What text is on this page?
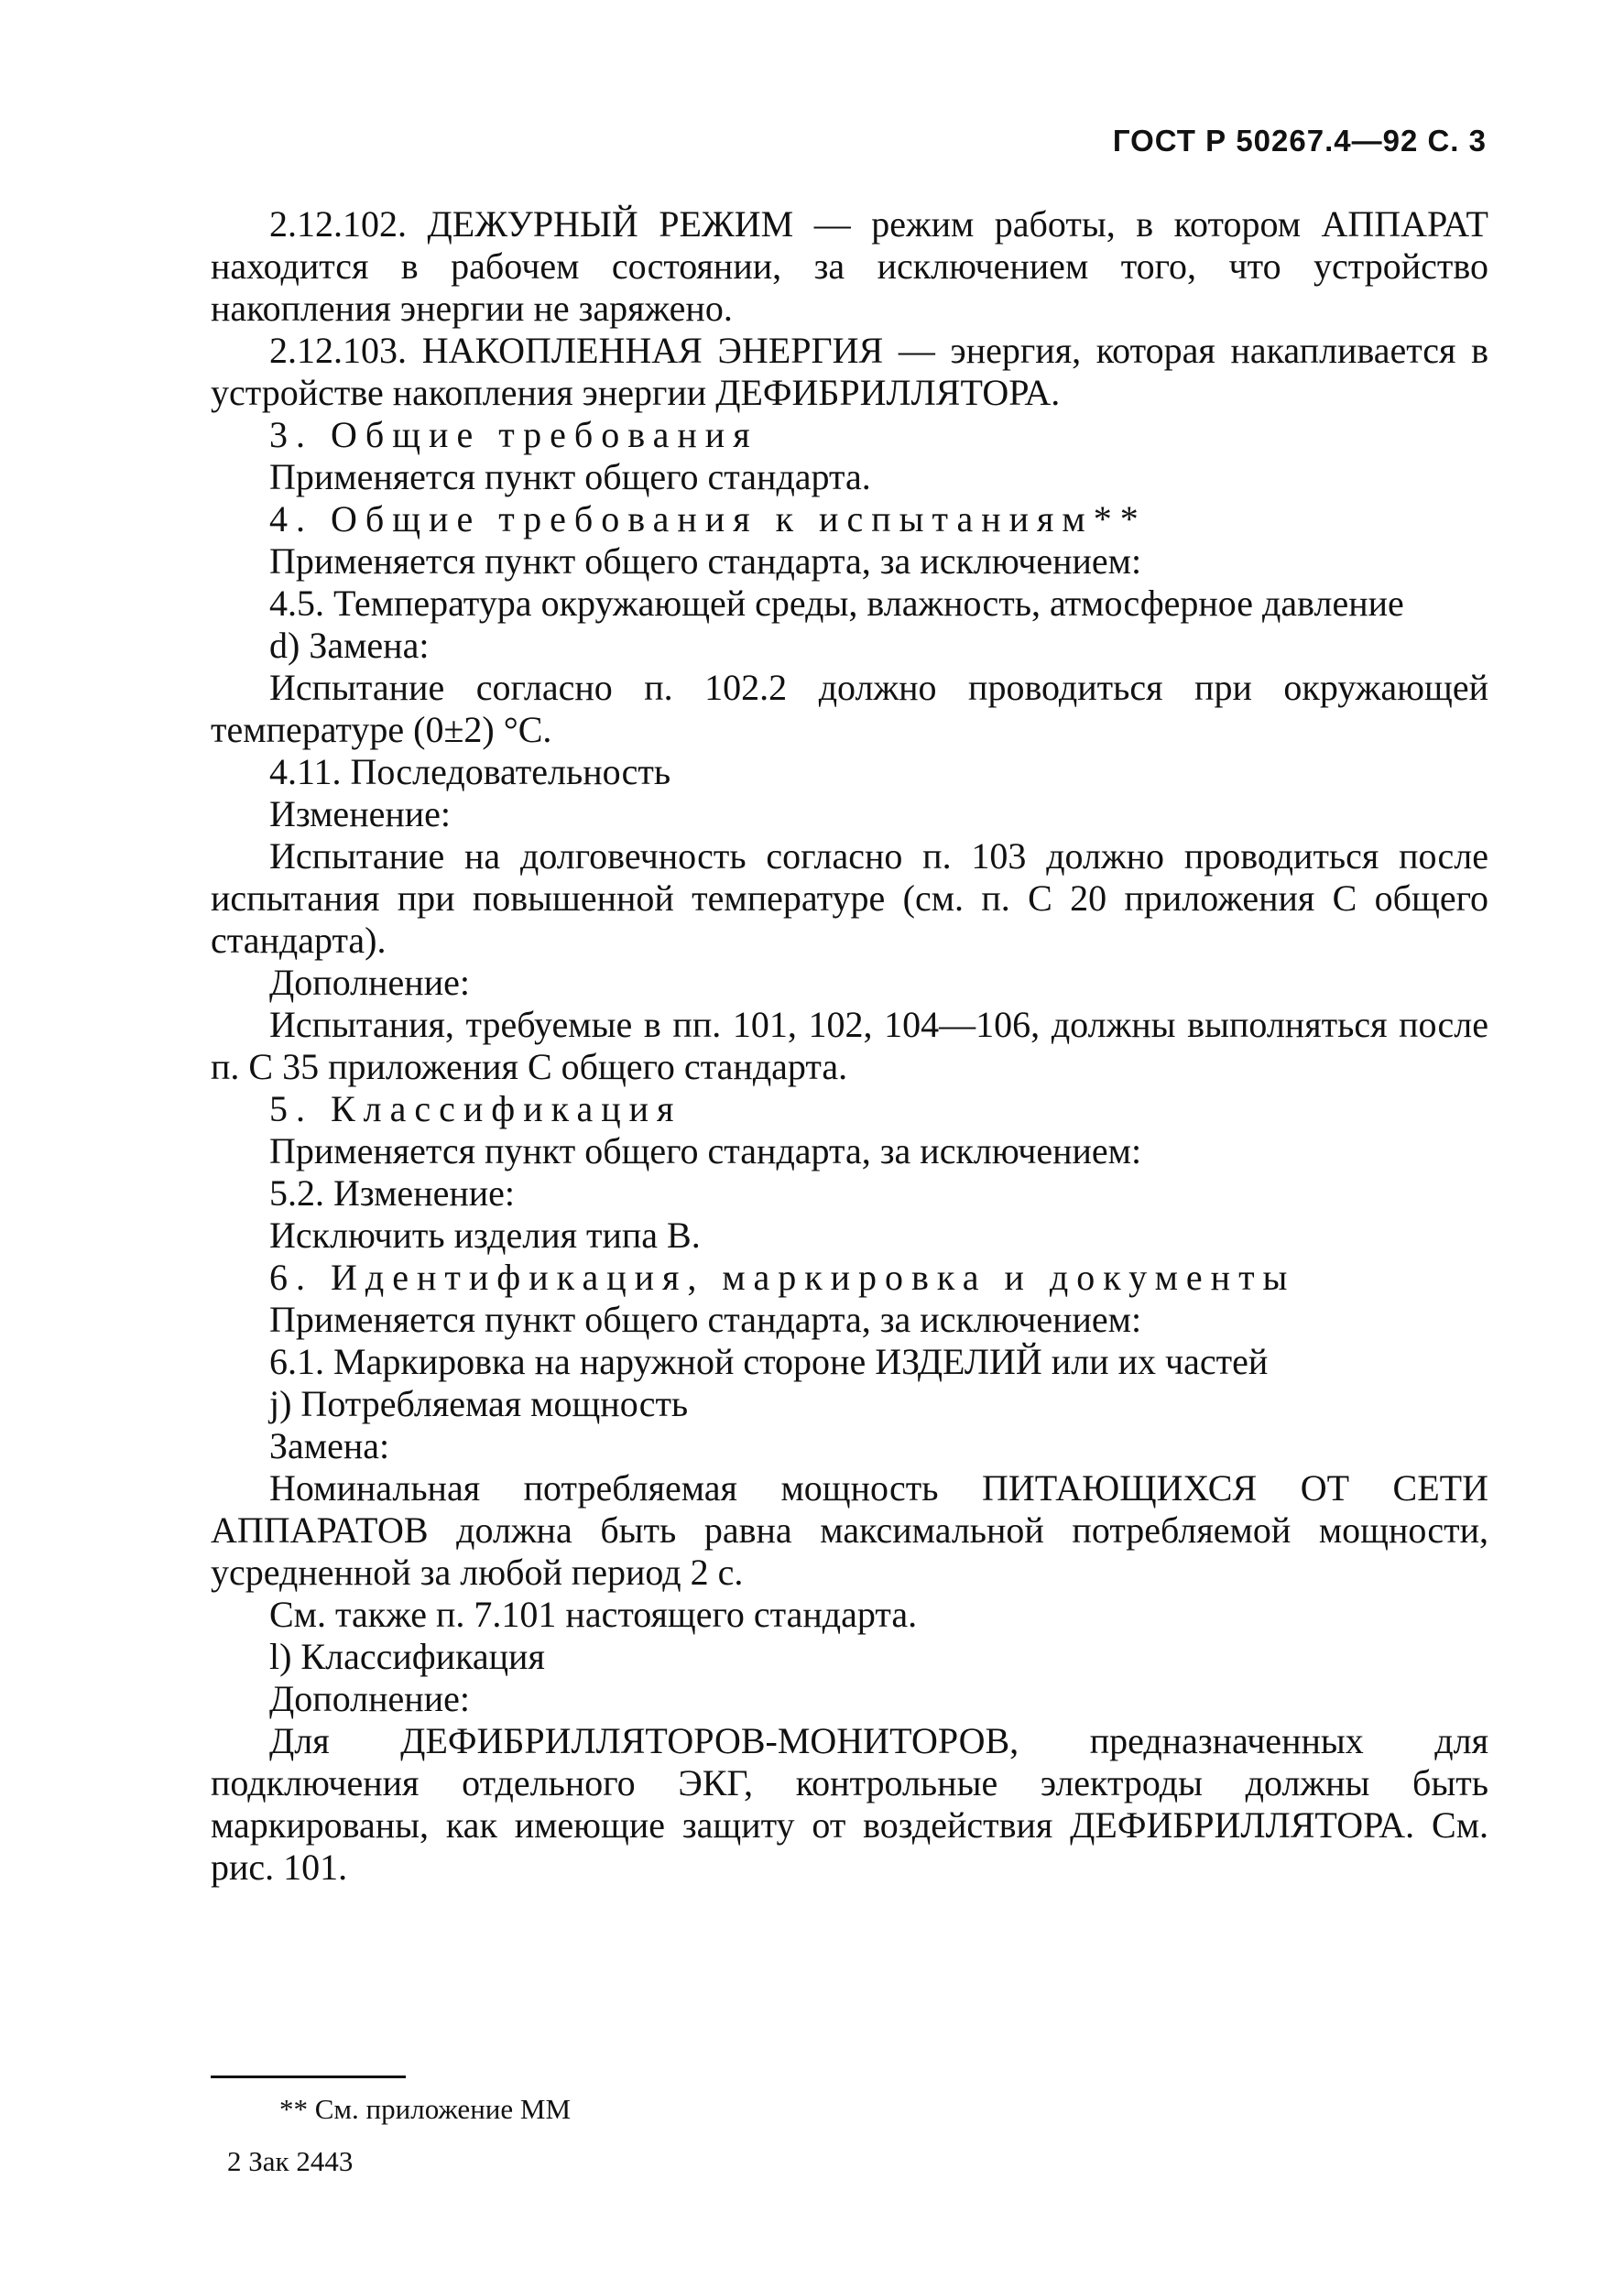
ГОСТ Р 50267.4—92 С. 3

2.12.102. ДЕЖУРНЫЙ РЕЖИМ — режим работы, в котором АППАРАТ находится в рабочем состоянии, за исключением того, что устройство накопления энергии не заряжено.

2.12.103. НАКОПЛЕННАЯ ЭНЕРГИЯ — энергия, которая накапливается в устройстве накопления энергии ДЕФИБРИЛЛЯТОРА.

3. Общие требования

Применяется пункт общего стандарта.

4. Общие требования к испытаниям**

Применяется пункт общего стандарта, за исключением:

4.5. Температура окружающей среды, влажность, атмосферное давление

d) Замена:

Испытание согласно п. 102.2 должно проводиться при окружающей температуре (0±2) °С.

4.11. Последовательность

Изменение:

Испытание на долговечность согласно п. 103 должно проводиться после испытания при повышенной температуре (см. п. С 20 приложения С общего стандарта).

Дополнение:

Испытания, требуемые в пп. 101, 102, 104—106, должны выполняться после п. С 35 приложения С общего стандарта.

5. Классификация

Применяется пункт общего стандарта, за исключением:

5.2. Изменение:

Исключить изделия типа В.

6. Идентификация, маркировка и документы

Применяется пункт общего стандарта, за исключением:

6.1. Маркировка на наружной стороне ИЗДЕЛИЙ или их частей

j) Потребляемая мощность

Замена:

Номинальная потребляемая мощность ПИТАЮЩИХСЯ ОТ СЕТИ АППАРАТОВ должна быть равна максимальной потребляемой мощности, усредненной за любой период 2 с.

См. также п. 7.101 настоящего стандарта.

l) Классификация

Дополнение:

Для ДЕФИБРИЛЛЯТОРОВ-МОНИТОРОВ, предназначенных для подключения отдельного ЭКГ, контрольные электроды должны быть маркированы, как имеющие защиту от воздействия ДЕФИБРИЛЛЯТОРА. См. рис. 101.

** См. приложение ММ
2 Зак 2443
